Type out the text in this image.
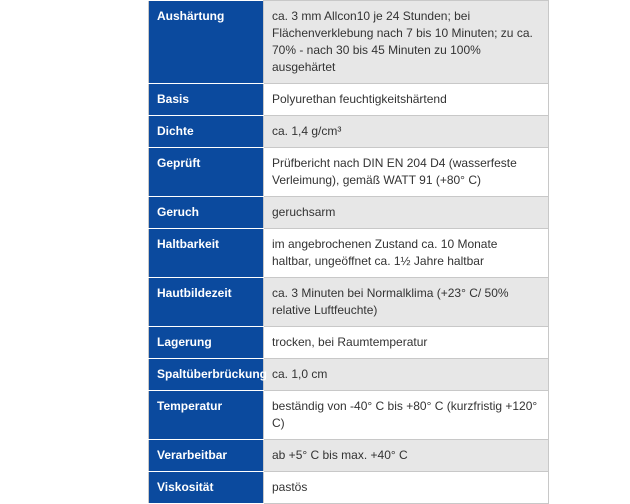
Aushärtung	ca. 3 mm Allcon10 je 24 Stunden; bei Flächenverklebung nach 7 bis 10 Minuten; zu ca. 70% - nach 30 bis 45 Minuten zu 100% ausgehärtet
Basis	Polyurethan feuchtigkeitshärtend
Dichte	ca. 1,4 g/cm³
Geprüft	Prüfbericht nach DIN EN 204 D4 (wasserfeste Verleimung), gemäß WATT 91 (+80° C)
Geruch	geruchsarm
Haltbarkeit	im angebrochenen Zustand ca. 10 Monate haltbar, ungeöffnet ca. 1½ Jahre haltbar
Hautbildezeit	ca. 3 Minuten bei Normalklima (+23° C/ 50% relative Luftfeuchte)
Lagerung	trocken, bei Raumtemperatur
Spaltüberbrückung	ca. 1,0 cm
Temperatur	beständig von -40° C bis +80° C (kurzfristig +120° C)
Verarbeitbar	ab +5° C bis max. +40° C
Viskosität	pastös
